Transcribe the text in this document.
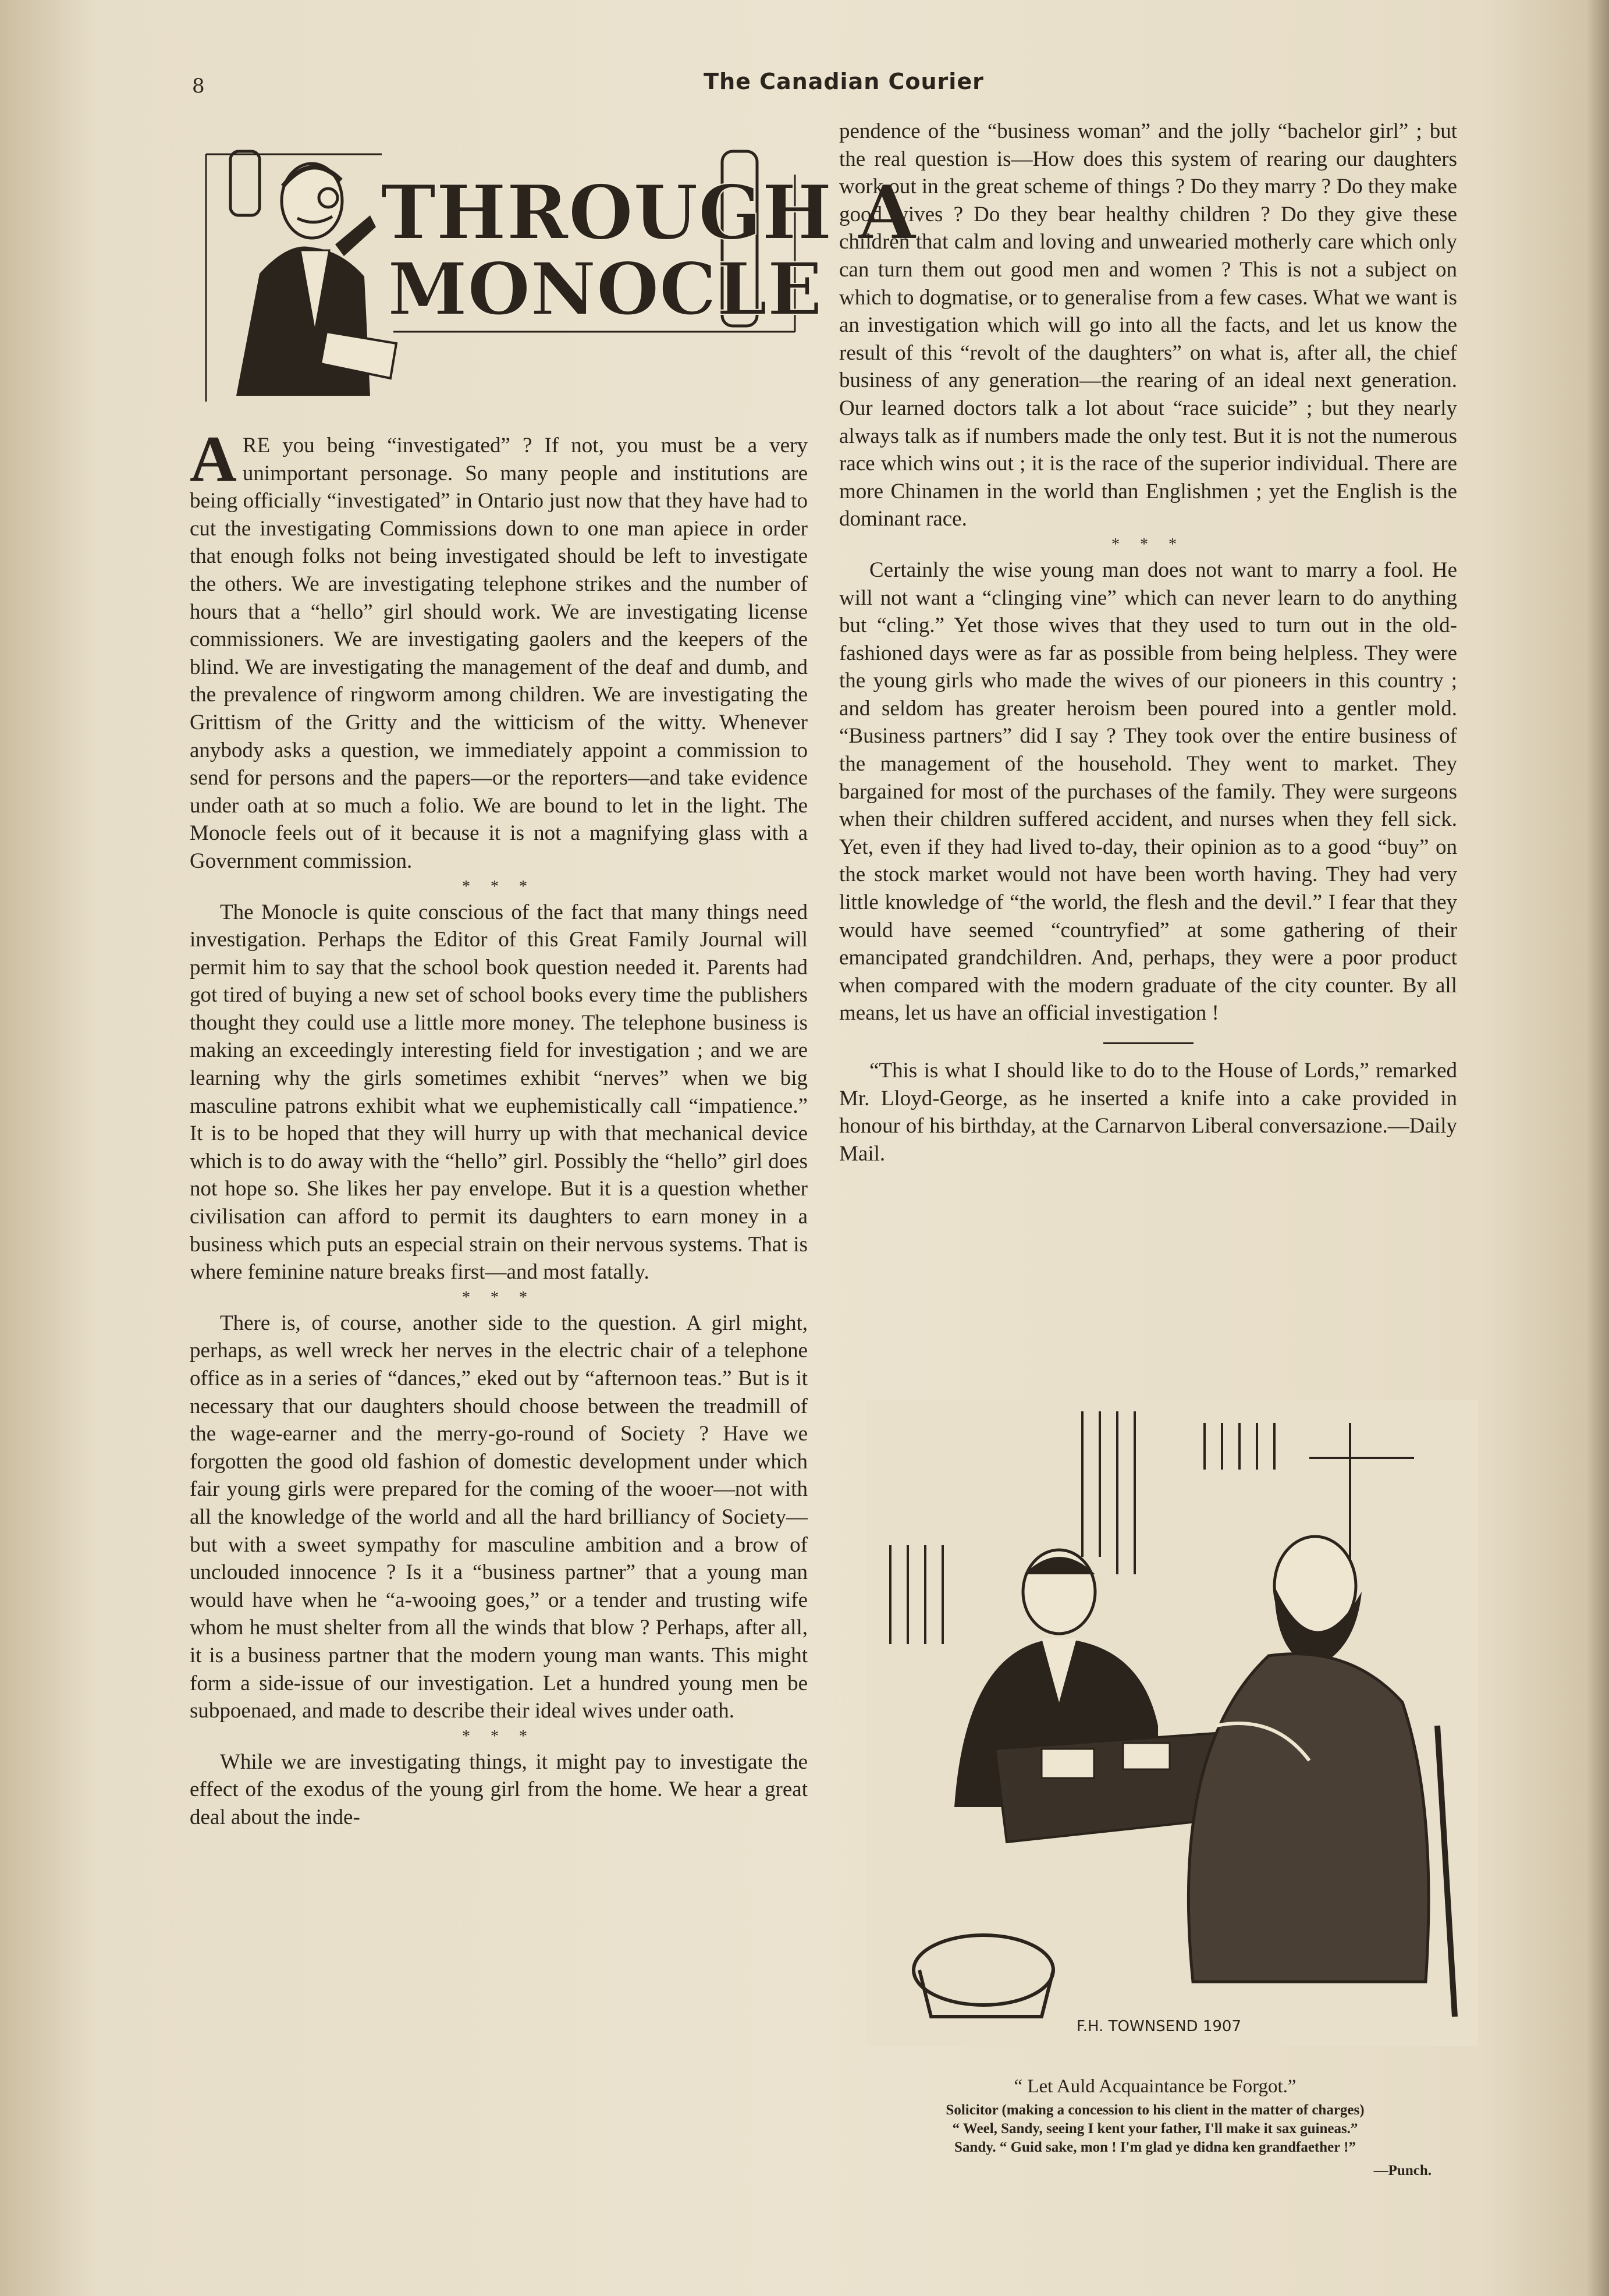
8	The Canadian Courier
THROUGH A
MONOCLE

ARE you being “investigated” ? If not, you must be a very unimportant personage. So many people and institutions are being officially “investigated” in Ontario just now that they have had to cut the investigating Commissions down to one man apiece in order that enough folks not being investigated should be left to investigate the others. We are investigating telephone strikes and the number of hours that a “hello” girl should work. We are investigating license commissioners. We are investigating gaolers and the keepers of the blind. We are investigating the management of the deaf and dumb, and the prevalence of ringworm among children. We are investigating the Grittism of the Gritty and the witticism of the witty. Whenever anybody asks a question, we immediately appoint a commission to send for persons and the papers—or the reporters—and take evidence under oath at so much a folio. We are bound to let in the light. The Monocle feels out of it because it is not a magnifying glass with a Government commission.

* * *

The Monocle is quite conscious of the fact that many things need investigation. Perhaps the Editor of this Great Family Journal will permit him to say that the school book question needed it. Parents had got tired of buying a new set of school books every time the publishers thought they could use a little more money. The telephone business is making an exceedingly interesting field for investigation ; and we are learning why the girls sometimes exhibit “nerves” when we big masculine patrons exhibit what we euphemistically call “impatience.” It is to be hoped that they will hurry up with that mechanical device which is to do away with the “hello” girl. Possibly the “hello” girl does not hope so. She likes her pay envelope. But it is a question whether civilisation can afford to permit its daughters to earn money in a business which puts an especial strain on their nervous systems. That is where feminine nature breaks first—and most fatally.

* * *

There is, of course, another side to the question. A girl might, perhaps, as well wreck her nerves in the electric chair of a telephone office as in a series of “dances,” eked out by “afternoon teas.” But is it necessary that our daughters should choose between the treadmill of the wage-earner and the merry-go-round of Society ? Have we forgotten the good old fashion of domestic development under which fair young girls were prepared for the coming of the wooer—not with all the knowledge of the world and all the hard brilliancy of Society—but with a sweet sympathy for masculine ambition and a brow of unclouded innocence ? Is it a “business partner” that a young man would have when he “a-wooing goes,” or a tender and trusting wife whom he must shelter from all the winds that blow ? Perhaps, after all, it is a business partner that the modern young man wants. This might form a side-issue of our investigation. Let a hundred young men be subpoenaed, and made to describe their ideal wives under oath.

* * *

While we are investigating things, it might pay to investigate the effect of the exodus of the young girl from the home. We hear a great deal about the inde-

pendence of the “business woman” and the jolly “bachelor girl” ; but the real question is—How does this system of rearing our daughters work out in the great scheme of things ? Do they marry ? Do they make good wives ? Do they bear healthy children ? Do they give these children that calm and loving and unwearied motherly care which only can turn them out good men and women ? This is not a subject on which to dogmatise, or to generalise from a few cases. What we want is an investigation which will go into all the facts, and let us know the result of this “revolt of the daughters” on what is, after all, the chief business of any generation—the rearing of an ideal next generation. Our learned doctors talk a lot about “race suicide” ; but they nearly always talk as if numbers made the only test. But it is not the numerous race which wins out ; it is the race of the superior individual. There are more Chinamen in the world than Englishmen ; yet the English is the dominant race.

* * *

Certainly the wise young man does not want to marry a fool. He will not want a “clinging vine” which can never learn to do anything but “cling.” Yet those wives that they used to turn out in the old-fashioned days were as far as possible from being helpless. They were the young girls who made the wives of our pioneers in this country ; and seldom has greater heroism been poured into a gentler mold. “Business partners” did I say ? They took over the entire business of the management of the household. They went to market. They bargained for most of the purchases of the family. They were surgeons when their children suffered accident, and nurses when they fell sick. Yet, even if they had lived to-day, their opinion as to a good “buy” on the stock market would not have been worth having. They had very little knowledge of “the world, the flesh and the devil.” I fear that they would have seemed “countryfied” at some gathering of their emancipated grandchildren. And, perhaps, they were a poor product when compared with the modern graduate of the city counter. By all means, let us have an official investigation !

“This is what I should like to do to the House of Lords,” remarked Mr. Lloyd-George, as he inserted a knife into a cake provided in honour of his birthday, at the Carnarvon Liberal conversazione.—Daily Mail.

F.H. TOWNSEND 1907
“ Let Auld Acquaintance be Forgot.”
Solicitor (making a concession to his client in the matter of charges)
“ Weel, Sandy, seeing I kent your father, I'll make it sax guineas.”
Sandy. “ Guid sake, mon ! I'm glad ye didna ken grandfaether !”
—Punch.
